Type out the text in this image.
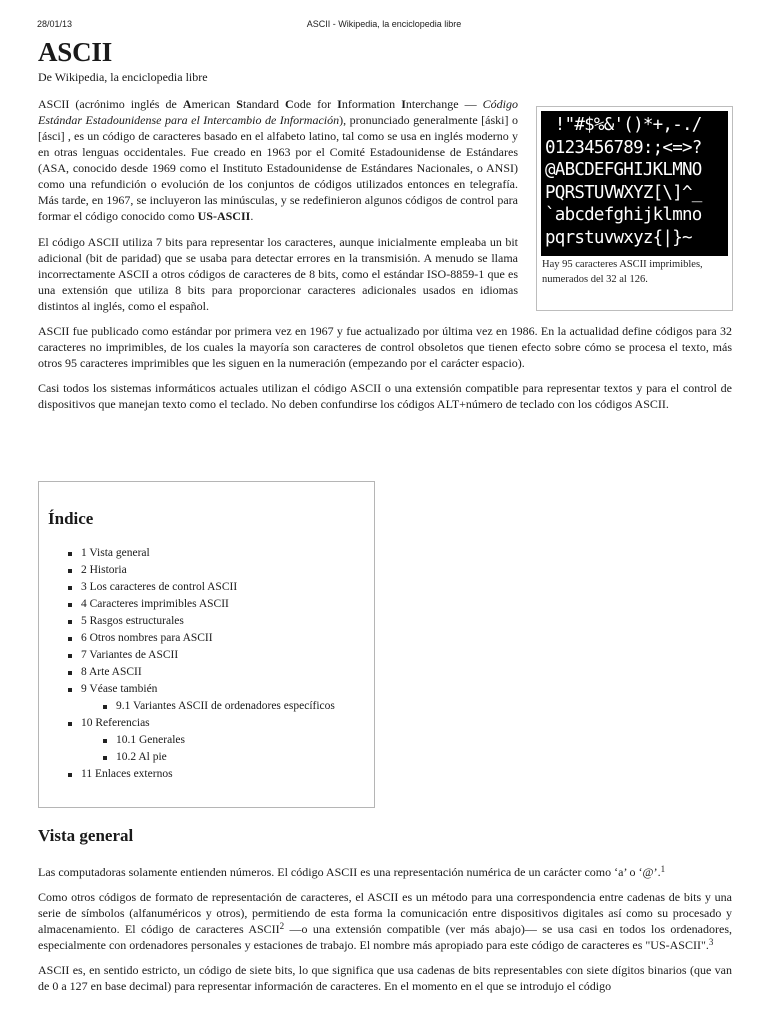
28/01/13	ASCII - Wikipedia, la enciclopedia libre
ASCII
De Wikipedia, la enciclopedia libre

ASCII (acrónimo inglés de American Standard Code for Information Interchange — Código Estándar Estadounidense para el Intercambio de Información), pronunciado generalmente [áski] o [ásci] , es un código de caracteres basado en el alfabeto latino, tal como se usa en inglés moderno y en otras lenguas occidentales. Fue creado en 1963 por el Comité Estadounidense de Estándares (ASA, conocido desde 1969 como el Instituto Estadounidense de Estándares Nacionales, o ANSI) como una refundición o evolución de los conjuntos de códigos utilizados entonces en telegrafía. Más tarde, en 1967, se incluyeron las minúsculas, y se redefinieron algunos códigos de control para formar el código conocido como US-ASCII.

El código ASCII utiliza 7 bits para representar los caracteres, aunque inicialmente empleaba un bit adicional (bit de paridad) que se usaba para detectar errores en la transmisión. A menudo se llama incorrectamente ASCII a otros códigos de caracteres de 8 bits, como el estándar ISO-8859-1 que es una extensión que utiliza 8 bits para proporcionar caracteres adicionales usados en idiomas distintos al inglés, como el español.

ASCII fue publicado como estándar por primera vez en 1967 y fue actualizado por última vez en 1986. En la actualidad define códigos para 32 caracteres no imprimibles, de los cuales la mayoría son caracteres de control obsoletos que tienen efecto sobre cómo se procesa el texto, más otros 95 caracteres imprimibles que les siguen en la numeración (empezando por el carácter espacio).

Casi todos los sistemas informáticos actuales utilizan el código ASCII o una extensión compatible para representar textos y para el control de dispositivos que manejan texto como el teclado. No deben confundirse los códigos ALT+número de teclado con los códigos ASCII.

!"#$%&'()*+,-./
0123456789:;<=>?
@ABCDEFGHIJKLMNO
PQRSTUVWXYZ[\]^_
`abcdefghijklmno
pqrstuvwxyz{|}~
Hay 95 caracteres ASCII imprimibles, numerados del 32 al 126.
Índice
1 Vista general
2 Historia
3 Los caracteres de control ASCII
4 Caracteres imprimibles ASCII
5 Rasgos estructurales
6 Otros nombres para ASCII
7 Variantes de ASCII
8 Arte ASCII
9 Véase también
9.1 Variantes ASCII de ordenadores específicos
10 Referencias
10.1 Generales
10.2 Al pie
11 Enlaces externos
Vista general

Las computadoras solamente entienden números. El código ASCII es una representación numérica de un carácter como ‘a’ o ‘@’.$^1$

Como otros códigos de formato de representación de caracteres, el ASCII es un método para una correspondencia entre cadenas de bits y una serie de símbolos (alfanuméricos y otros), permitiendo de esta forma la comunicación entre dispositivos digitales así como su procesado y almacenamiento. El código de caracteres ASCII$^2$ —o una extensión compatible (ver más abajo)— se usa casi en todos los ordenadores, especialmente con ordenadores personales y estaciones de trabajo. El nombre más apropiado para este código de caracteres es "US-ASCII".$^3$

ASCII es, en sentido estricto, un código de siete bits, lo que significa que usa cadenas de bits representables con siete dígitos binarios (que van de 0 a 127 en base decimal) para representar información de caracteres. En el momento en el que se introdujo el código
